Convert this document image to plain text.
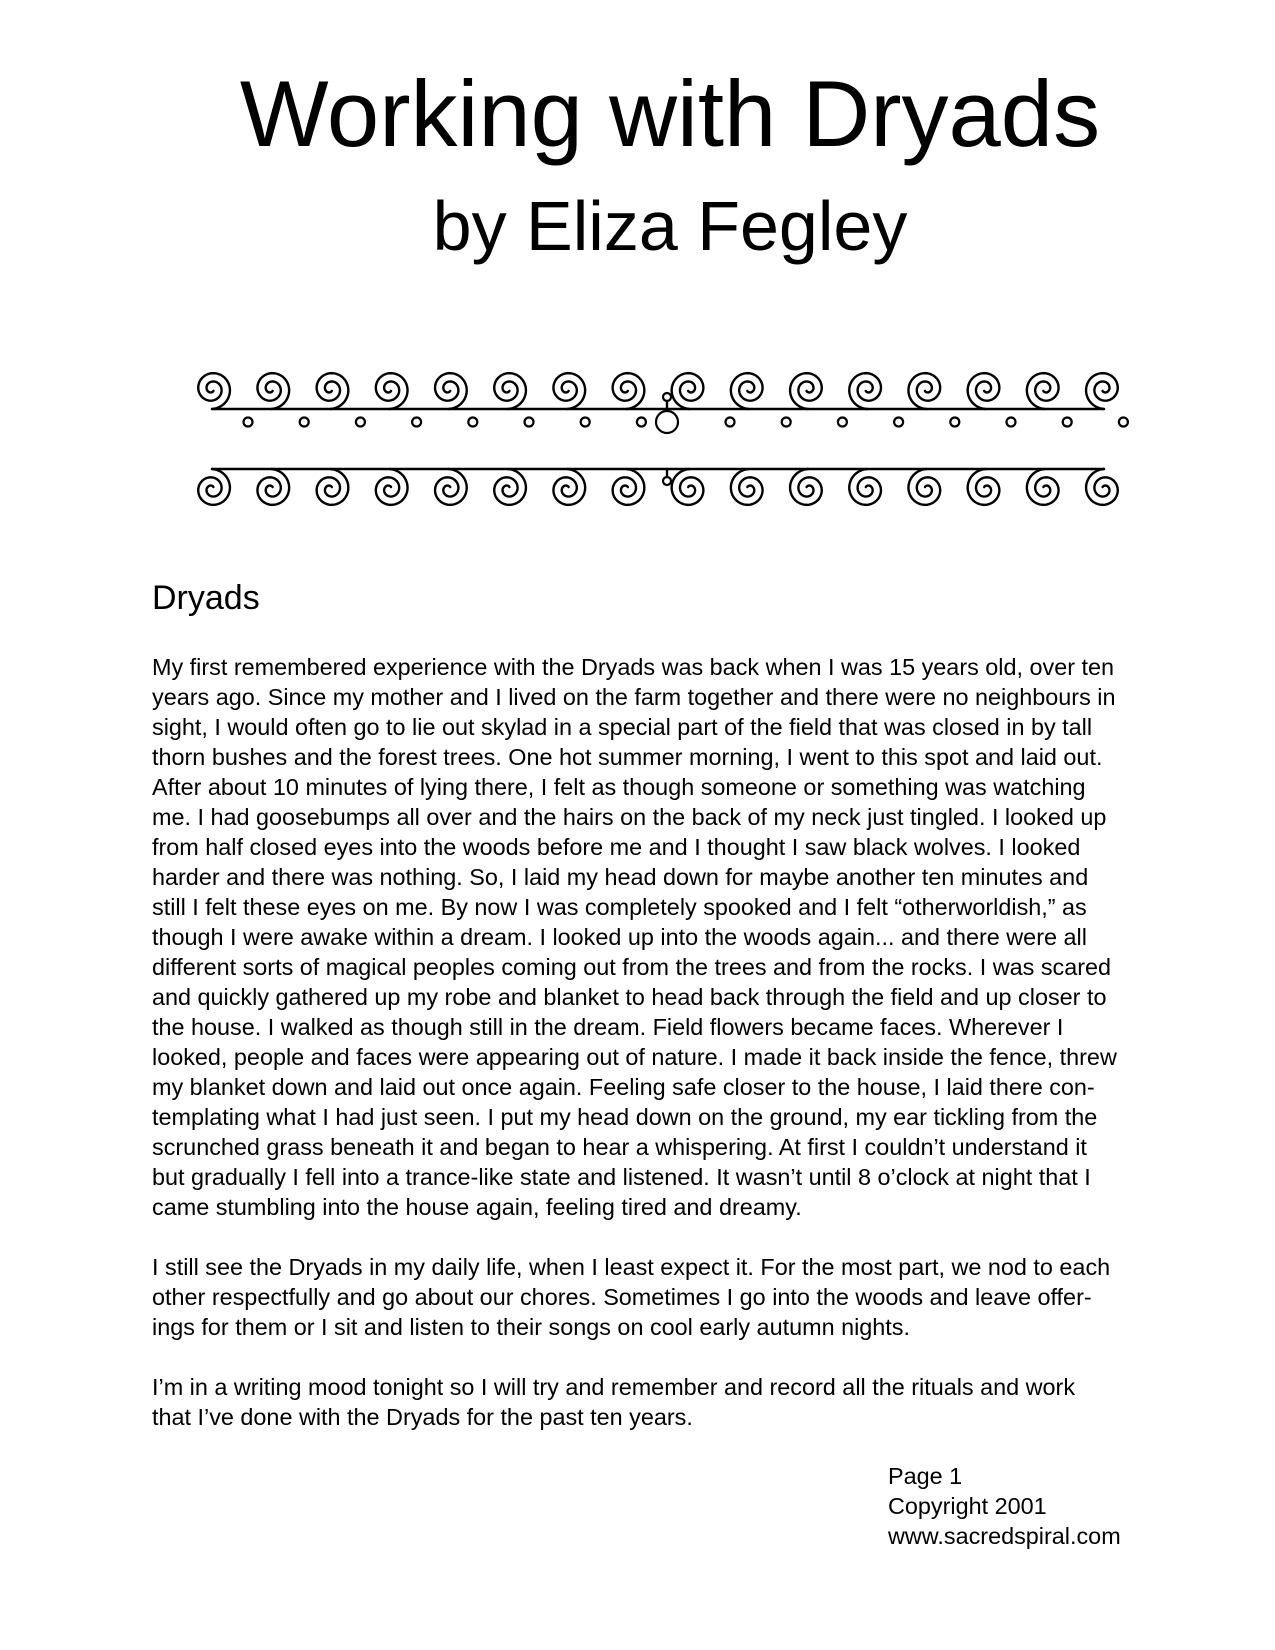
Working with Dryads
by Eliza Fegley
Dryads

My first remembered experience with the Dryads was back when I was 15 years old, over ten
years ago. Since my mother and I lived on the farm together and there were no neighbours in
sight, I would often go to lie out skylad in a special part of the field that was closed in by tall
thorn bushes and the forest trees. One hot summer morning, I went to this spot and laid out.
After about 10 minutes of lying there, I felt as though someone or something was watching
me. I had goosebumps all over and the hairs on the back of my neck just tingled. I looked up
from half closed eyes into the woods before me and I thought I saw black wolves. I looked
harder and there was nothing. So, I laid my head down for maybe another ten minutes and
still I felt these eyes on me. By now I was completely spooked and I felt “otherworldish,” as
though I were awake within a dream. I looked up into the woods again... and there were all
different sorts of magical peoples coming out from the trees and from the rocks. I was scared
and quickly gathered up my robe and blanket to head back through the field and up closer to
the house. I walked as though still in the dream. Field flowers became faces. Wherever I
looked, people and faces were appearing out of nature. I made it back inside the fence, threw
my blanket down and laid out once again. Feeling safe closer to the house, I laid there con-
templating what I had just seen. I put my head down on the ground, my ear tickling from the
scrunched grass beneath it and began to hear a whispering. At first I couldn’t understand it
but gradually I fell into a trance-like state and listened. It wasn’t until 8 o’clock at night that I
came stumbling into the house again, feeling tired and dreamy.

I still see the Dryads in my daily life, when I least expect it. For the most part, we nod to each
other respectfully and go about our chores. Sometimes I go into the woods and leave offer-
ings for them or I sit and listen to their songs on cool early autumn nights.

I’m in a writing mood tonight so I will try and remember and record all the rituals and work
that I’ve done with the Dryads for the past ten years.

Page 1
Copyright 2001
www.sacredspiral.com
